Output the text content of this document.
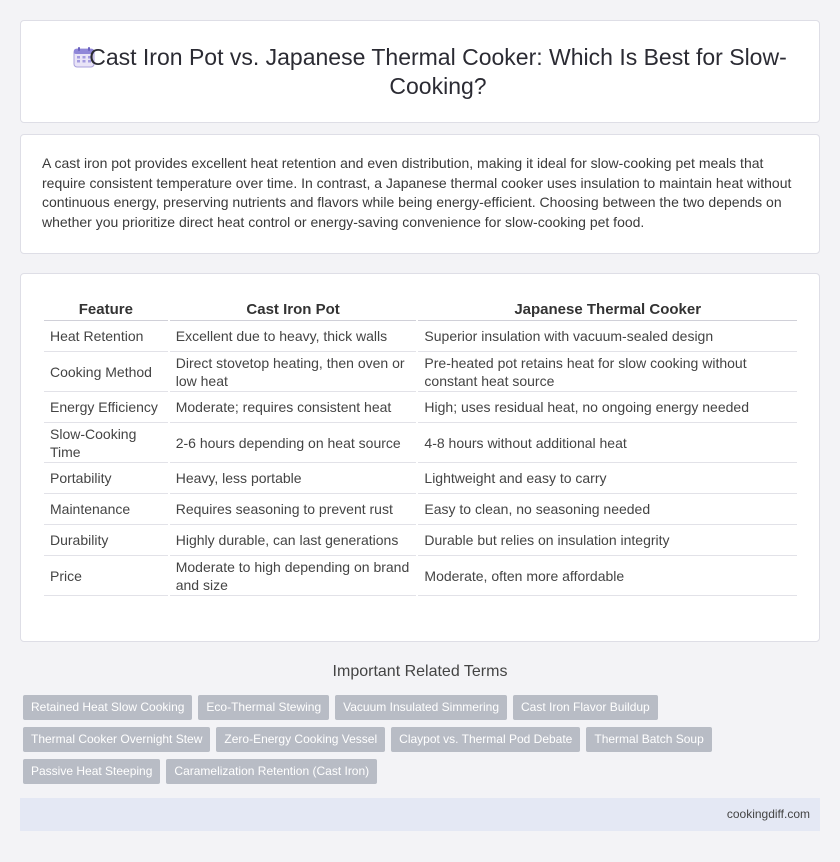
Cast Iron Pot vs. Japanese Thermal Cooker: Which Is Best for Slow-Cooking?

A cast iron pot provides excellent heat retention and even distribution, making it ideal for slow-cooking pet meals that require consistent temperature over time. In contrast, a Japanese thermal cooker uses insulation to maintain heat without continuous energy, preserving nutrients and flavors while being energy-efficient. Choosing between the two depends on whether you prioritize direct heat control or energy-saving convenience for slow-cooking pet food.

Feature	Cast Iron Pot	Japanese Thermal Cooker
Heat Retention	Excellent due to heavy, thick walls	Superior insulation with vacuum-sealed design
Cooking Method	Direct stovetop heating, then oven or low heat	Pre-heated pot retains heat for slow cooking without constant heat source
Energy Efficiency	Moderate; requires consistent heat	High; uses residual heat, no ongoing energy needed
Slow-Cooking Time	2-6 hours depending on heat source	4-8 hours without additional heat
Portability	Heavy, less portable	Lightweight and easy to carry
Maintenance	Requires seasoning to prevent rust	Easy to clean, no seasoning needed
Durability	Highly durable, can last generations	Durable but relies on insulation integrity
Price	Moderate to high depending on brand and size	Moderate, often more affordable
Important Related Terms
Retained Heat Slow Cooking	Eco-Thermal Stewing	Vacuum Insulated Simmering	Cast Iron Flavor Buildup
Thermal Cooker Overnight Stew	Zero-Energy Cooking Vessel	Claypot vs. Thermal Pod Debate	Thermal Batch Soup
Passive Heat Steeping	Caramelization Retention (Cast Iron)
cookingdiff.com
